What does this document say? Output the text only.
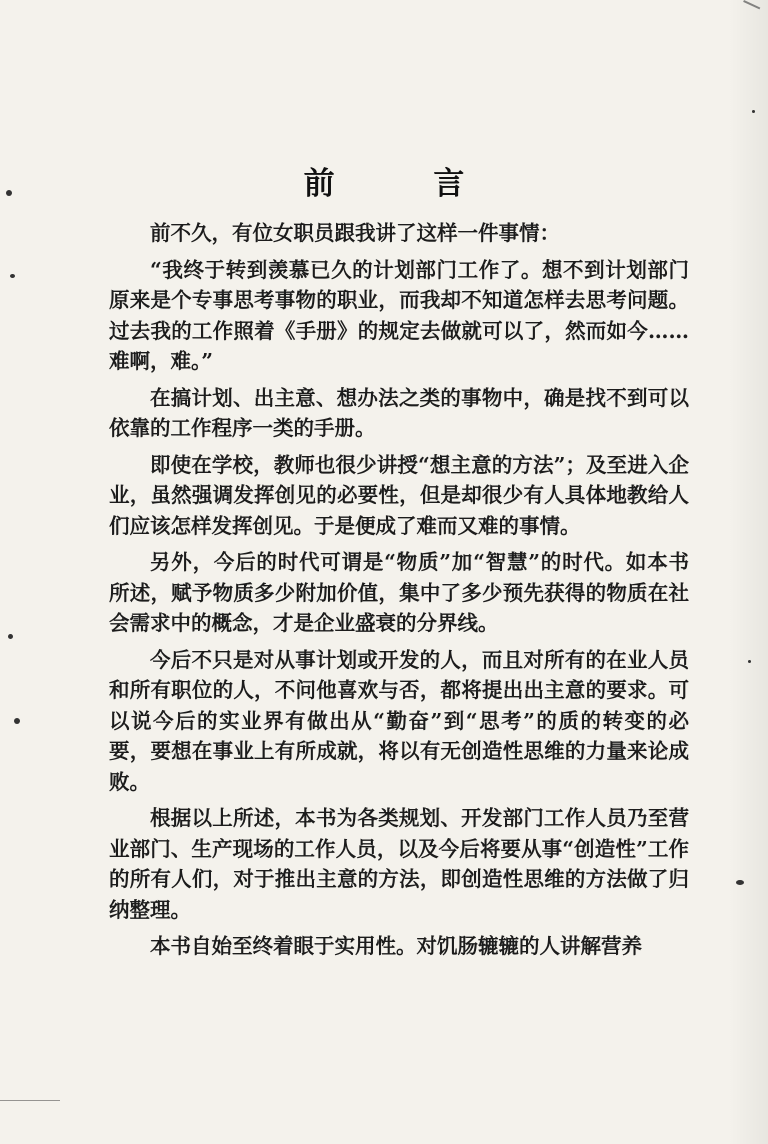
前 言

前不久，有位女职员跟我讲了这样一件事情：

“我终于转到羡慕已久的计划部门工作了。想不到计划部门原来是个专事思考事物的职业，而我却不知道怎样去思考问题。过去我的工作照着《手册》的规定去做就可以了，然而如今……难啊，难。”

在搞计划、出主意、想办法之类的事物中，确是找不到可以依靠的工作程序一类的手册。

即使在学校，教师也很少讲授“想主意的方法”；及至进入企业，虽然强调发挥创见的必要性，但是却很少有人具体地教给人们应该怎样发挥创见。于是便成了难而又难的事情。

另外，今后的时代可谓是“物质”加“智慧”的时代。如本书所述，赋予物质多少附加价值，集中了多少预先获得的物质在社会需求中的概念，才是企业盛衰的分界线。

今后不只是对从事计划或开发的人，而且对所有的在业人员和所有职位的人，不问他喜欢与否，都将提出出主意的要求。可以说今后的实业界有做出从“勤奋”到“思考”的质的转变的必要，要想在事业上有所成就，将以有无创造性思维的力量来论成败。

根据以上所述，本书为各类规划、开发部门工作人员乃至营业部门、生产现场的工作人员，以及今后将要从事“创造性”工作的所有人们，对于推出主意的方法，即创造性思维的方法做了归纳整理。

本书自始至终着眼于实用性。对饥肠辘辘的人讲解营养
